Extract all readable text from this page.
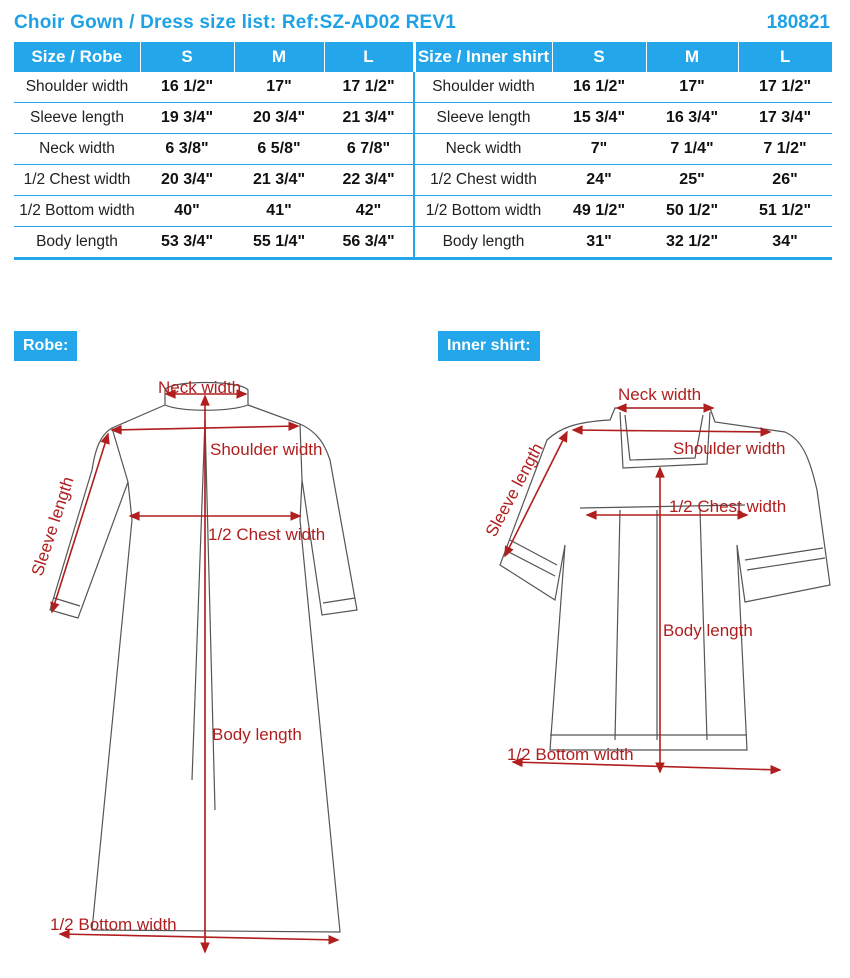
Choir Gown / Dress size list: Ref:SZ-AD02 REV1	180821
Size / Robe	S	M	L	Size / Inner shirt	S	M	L
Shoulder width	16 1/2"	17"	17 1/2"	Shoulder width	16 1/2"	17"	17 1/2"
Sleeve length	19 3/4"	20 3/4"	21 3/4"	Sleeve length	15 3/4"	16 3/4"	17 3/4"
Neck width	6 3/8"	6 5/8"	6 7/8"	Neck width	7"	7 1/4"	7 1/2"
1/2 Chest width	20 3/4"	21 3/4"	22 3/4"	1/2 Chest width	24"	25"	26"
1/2 Bottom width	40"	41"	42"	1/2 Bottom width	49 1/2"	50 1/2"	51 1/2"
Body length	53 3/4"	55 1/4"	56 3/4"	Body length	31"	32 1/2"	34"
Robe:	Inner shirt:
Neck width
Shoulder width
Sleeve length	1/2 Chest width
Body length
1/2 Bottom width
Neck width
Shoulder width
Sleeve length	1/2 Chest width
Body length
1/2 Bottom width
